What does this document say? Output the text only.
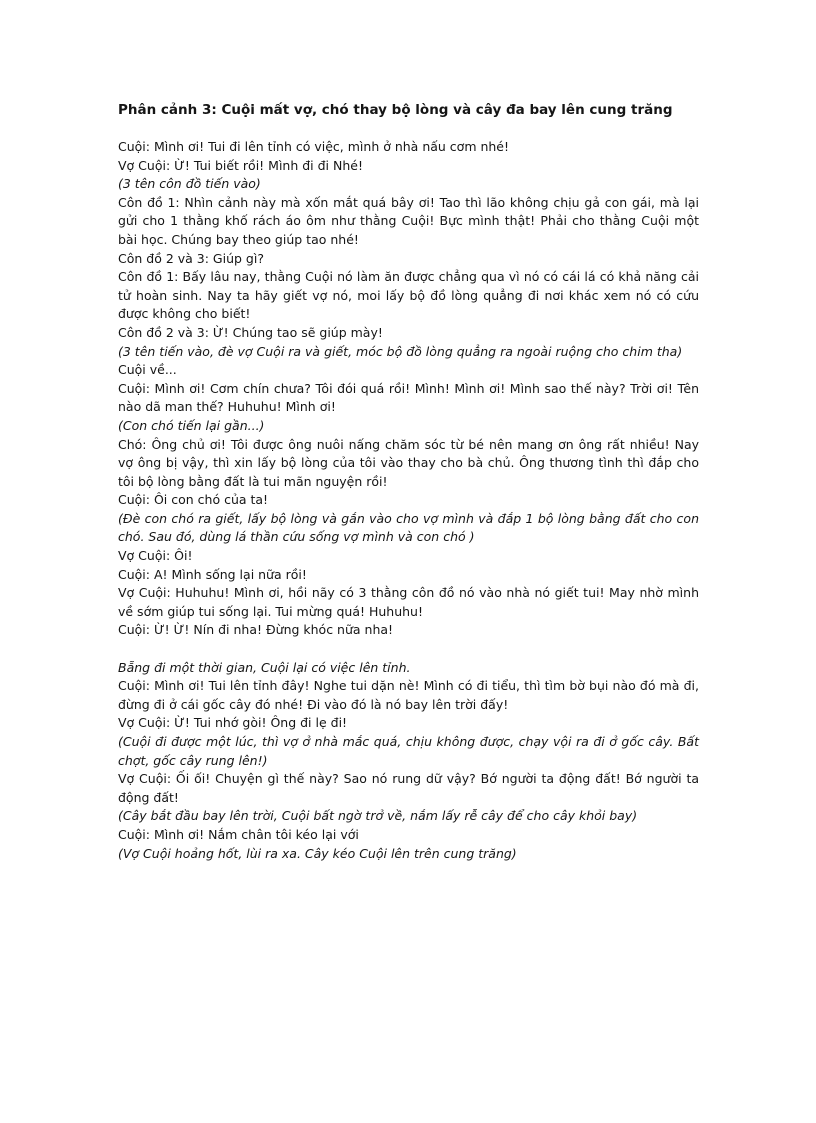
Phân cảnh 3: Cuội mất vợ, chó thay bộ lòng và cây đa bay lên cung trăng

Cuội: Mình ơi! Tui đi lên tỉnh có việc, mình ở nhà nấu cơm nhé!

Vợ Cuội: Ừ! Tui biết rồi! Mình đi đi Nhé!

(3 tên côn đồ tiến vào)

Côn đồ 1: Nhìn cảnh này mà xốn mắt quá bây ơi! Tao thì lão không chịu gả con gái, mà lại gửi cho 1 thằng khố rách áo ôm như thằng Cuội! Bực mình thật! Phải cho thằng Cuội một bài học. Chúng bay theo giúp tao nhé!

Côn đồ 2 và 3: Giúp gì?

Côn đồ 1: Bấy lâu nay, thằng Cuội nó làm ăn được chẳng qua vì nó có cái lá có khả năng cải tử hoàn sinh. Nay ta hãy giết vợ nó, moi lấy bộ đồ lòng quẳng đi nơi khác xem nó có cứu được không cho biết!

Côn đồ 2 và 3: Ừ! Chúng tao sẽ giúp mày!

(3 tên tiến vào, đè vợ Cuội ra và giết, móc bộ đồ lòng quẳng ra ngoài ruộng cho chim tha)

Cuội về...

Cuội: Mình ơi! Cơm chín chưa? Tôi đói quá rồi! Mình! Mình ơi! Mình sao thế này? Trời ơi! Tên nào dã man thế? Huhuhu! Mình ơi!

(Con chó tiến lại gần...)

Chó: Ông chủ ơi! Tôi được ông nuôi nấng chăm sóc từ bé nên mang ơn ông rất nhiều! Nay vợ ông bị vậy, thì xin lấy bộ lòng của tôi vào thay cho bà chủ. Ông thương tình thì đắp cho tôi bộ lòng bằng đất là tui mãn nguyện rồi!

Cuội: Ôi con chó của ta!

(Đè con chó ra giết, lấy bộ lòng và gắn vào cho vợ mình và đắp 1 bộ lòng bằng đất cho con chó. Sau đó, dùng lá thần cứu sống vợ mình và con chó )

Vợ Cuội: Ôi!

Cuội: A! Mình sống lại nữa rồi!

Vợ Cuội: Huhuhu! Mình ơi, hồi nãy có 3 thằng côn đồ nó vào nhà nó giết tui! May nhờ mình về sớm giúp tui sống lại. Tui mừng quá! Huhuhu!

Cuội: Ừ! Ừ! Nín đi nha! Đừng khóc nữa nha!

Bẵng đi một thời gian, Cuội lại có việc lên tỉnh.

Cuội: Mình ơi! Tui lên tỉnh đây! Nghe tui dặn nè! Mình có đi tiểu, thì tìm bờ bụi nào đó mà đi, đừng đi ở cái gốc cây đó nhé! Đi vào đó là nó bay lên trời đấy!

Vợ Cuội: Ừ! Tui nhớ gòi! Ông đi lẹ đi!

(Cuội đi được một lúc, thì vợ ở nhà mắc quá, chịu không được, chạy vội ra đi ở gốc cây. Bất chợt, gốc cây rung lên!)

Vợ Cuội: Ối ối! Chuyện gì thế này? Sao nó rung dữ vậy? Bớ người ta động đất! Bớ người ta động đất!

(Cây bắt đầu bay lên trời, Cuội bất ngờ trở về, nắm lấy rễ cây để cho cây khỏi bay)

Cuội: Mình ơi! Nắm chân tôi kéo lại với

(Vợ Cuội hoảng hốt, lùi ra xa. Cây kéo Cuội lên trên cung trăng)
